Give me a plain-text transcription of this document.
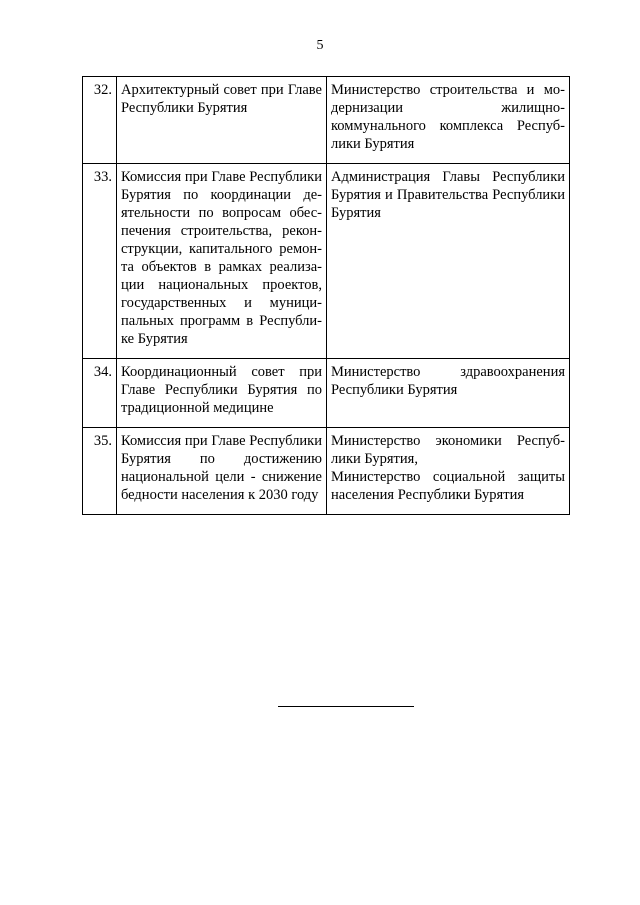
5
32.	Архитектурный совет при Главе Республики Бурятия	Министерство строительства и модернизации жилищно-коммунального комплекса Республики Бурятия

33.	Комиссия при Главе Республики Бурятия по координации деятельности по вопросам обеспечения строительства, реконструкции, капитального ремонта объектов в рамках реализации национальных проектов, государственных и муниципальных программ в Республике Бурятия	Администрация Главы Республики Бурятия и Правительства Республики Бурятия

34.	Координационный совет при Главе Республики Бурятия по традиционной медицине	Министерство здравоохранения Республики Бурятия

35.	Комиссия при Главе Республики Бурятия по достижению национальной цели - снижение бедности населения к 2030 году	Министерство экономики Республики Бурятия,
Министерство социальной защиты населения Республики Бурятия
